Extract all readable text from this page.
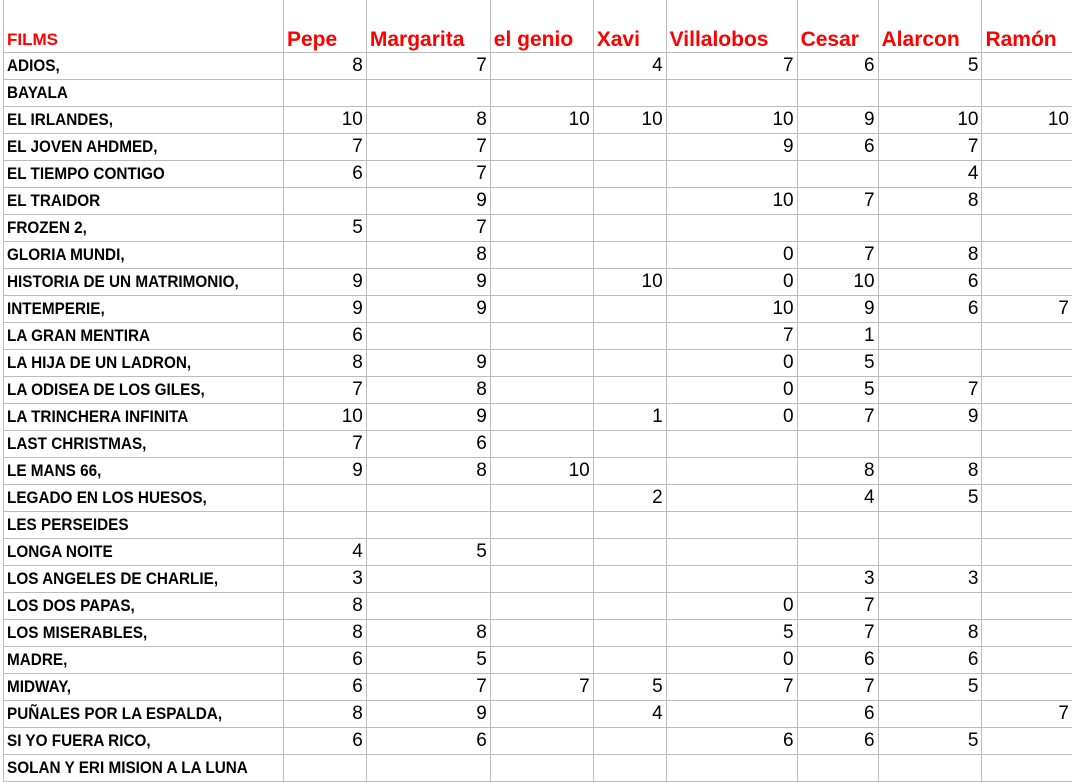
FILMS	Pepe	Margarita	el genio	Xavi	Villalobos	Cesar	Alarcon	Ramón
ADIOS,	8	7		4	7	6	5	
BAYALA								
EL IRLANDES,	10	8	10	10	10	9	10	10
EL JOVEN AHDMED,	7	7			9	6	7	
EL TIEMPO CONTIGO	6	7					4	
EL TRAIDOR		9			10	7	8	
FROZEN 2,	5	7						
GLORIA MUNDI,		8			0	7	8	
HISTORIA DE UN MATRIMONIO,	9	9		10	0	10	6	
INTEMPERIE,	9	9			10	9	6	7
LA GRAN MENTIRA	6				7	1		
LA HIJA DE UN LADRON,	8	9			0	5		
LA ODISEA DE LOS GILES,	7	8			0	5	7	
LA TRINCHERA INFINITA	10	9		1	0	7	9	
LAST CHRISTMAS,	7	6						
LE MANS 66,	9	8	10			8	8	
LEGADO EN LOS HUESOS,				2		4	5	
LES PERSEIDES								
LONGA NOITE	4	5						
LOS ANGELES DE CHARLIE,	3					3	3	
LOS DOS PAPAS,	8				0	7		
LOS MISERABLES,	8	8			5	7	8	
MADRE,	6	5			0	6	6	
MIDWAY,	6	7	7	5	7	7	5	
PUÑALES POR LA ESPALDA,	8	9		4		6		7
SI YO FUERA RICO,	6	6			6	6	5	
SOLAN Y ERI MISION A LA LUNA								
